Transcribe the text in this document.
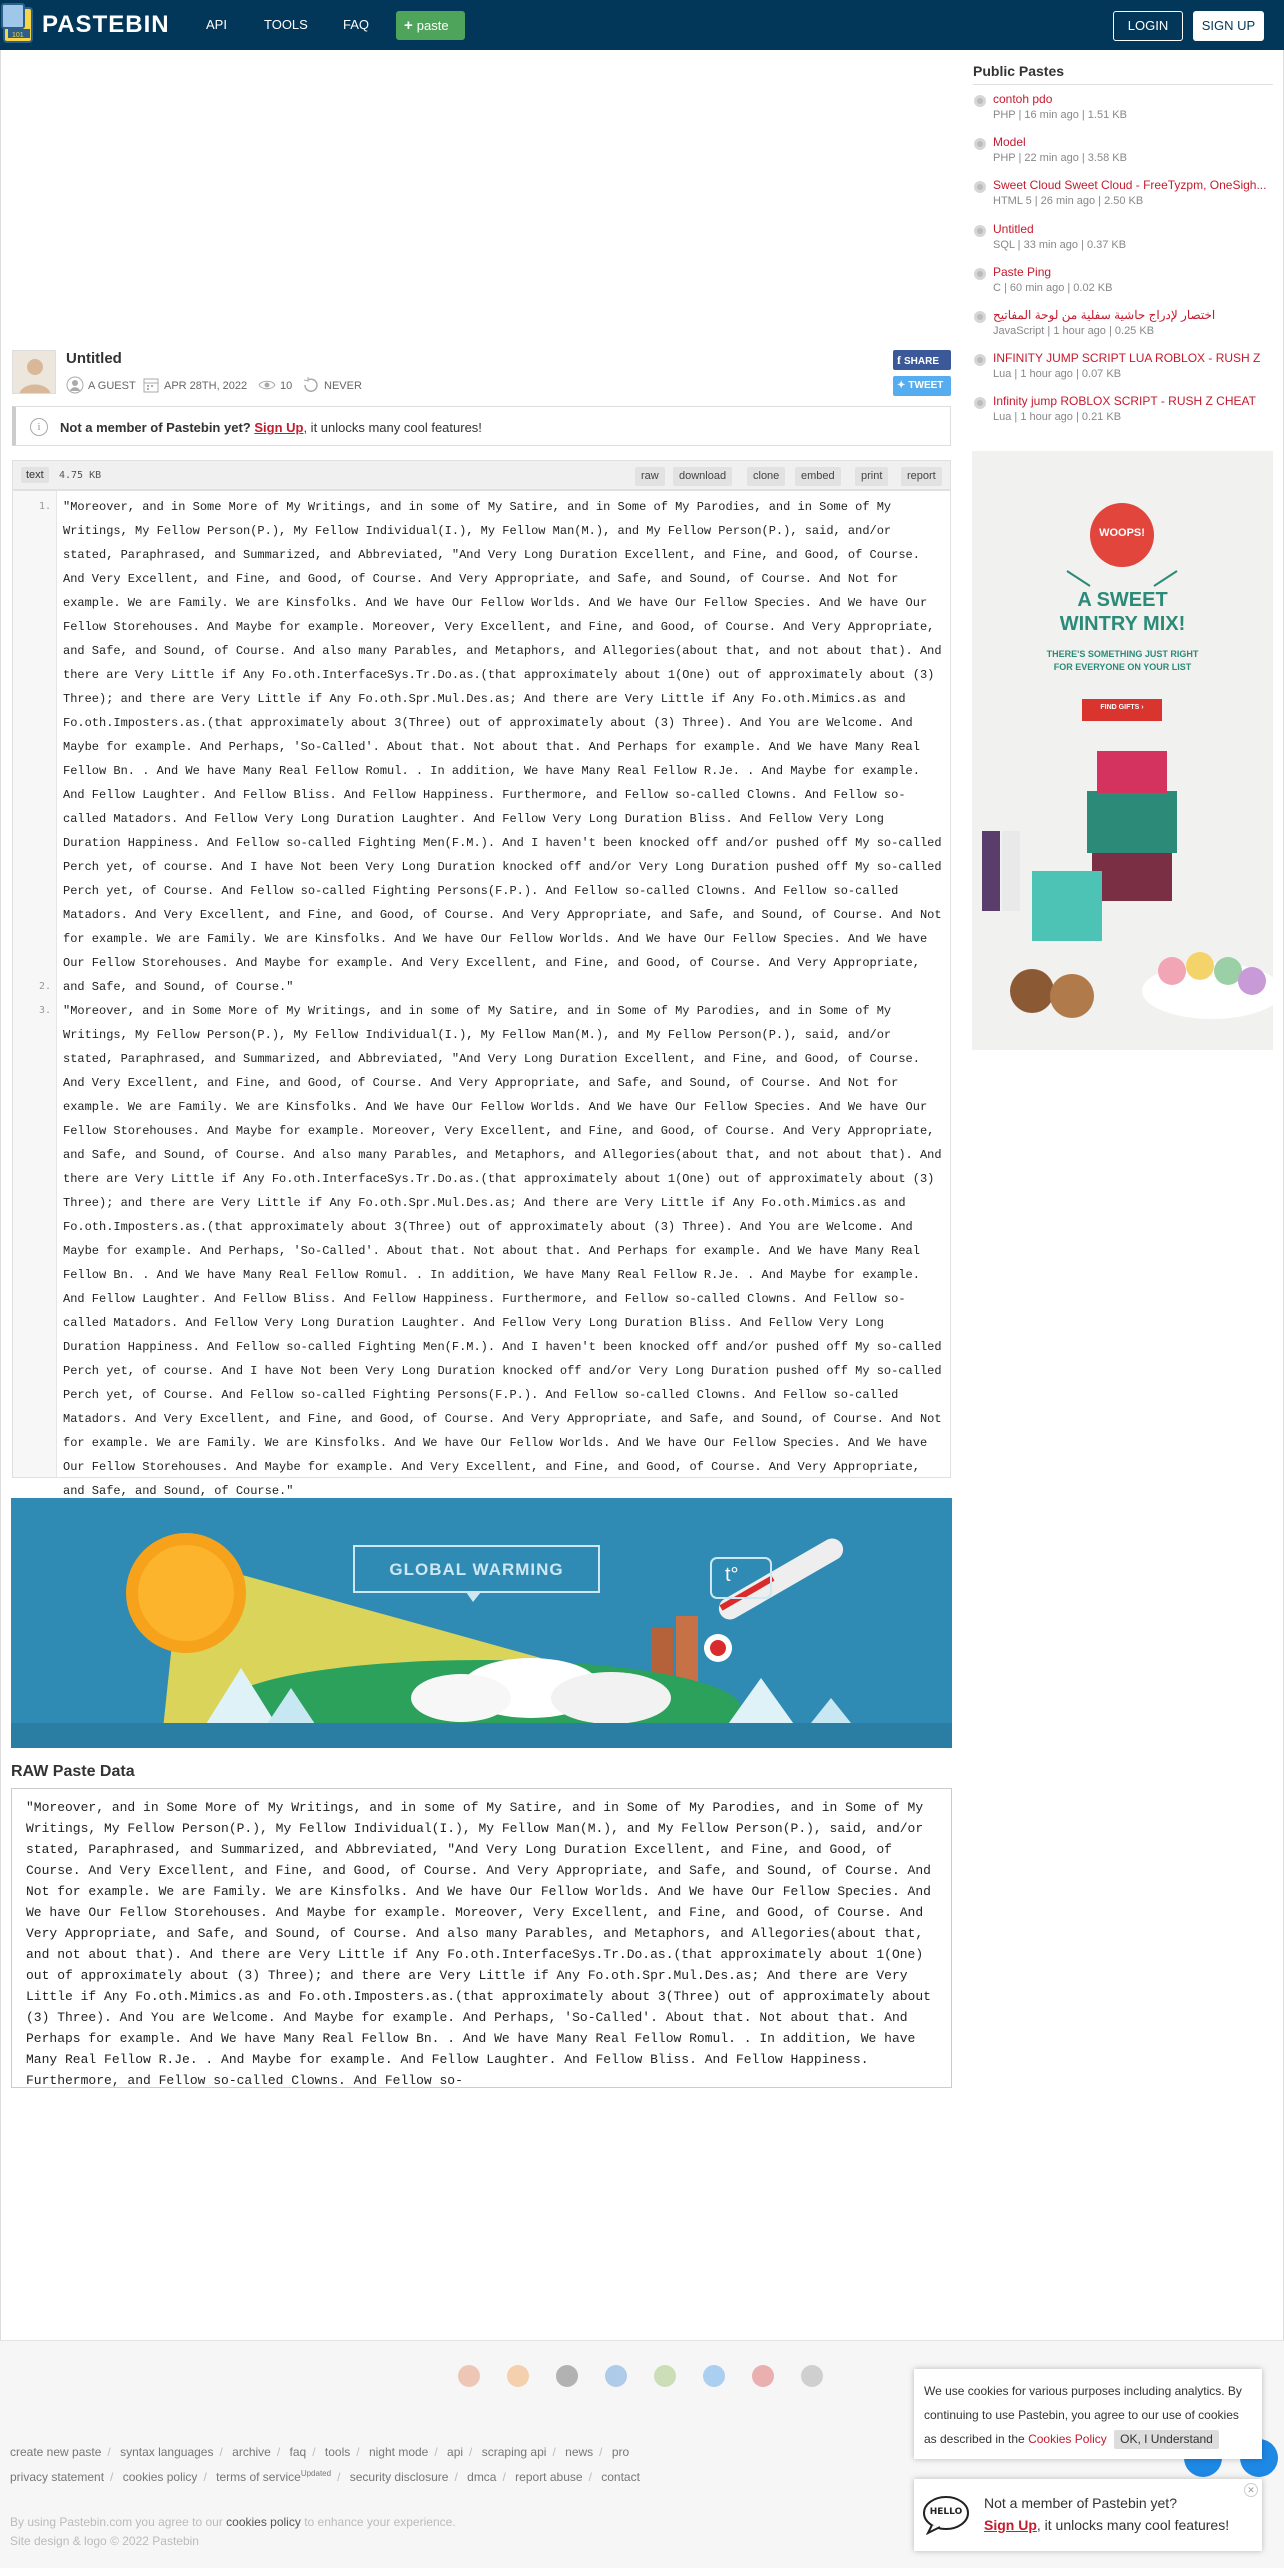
101 PASTEBIN	API	TOOLS	FAQ	+ paste	LOGIN	SIGN UP
Untitled
A GUEST	APR 28TH, 2022	10	NEVER
f SHARE
✦ TWEET
i	Not a member of Pastebin yet? Sign Up, it unlocks many cool features!
text	4.75 KB	raw	download	clone	embed	print	report
1.
2.
3.

"Moreover, and in Some More of My Writings, and in some of My Satire, and in Some of My Parodies, and in Some of My Writings, My Fellow Person(P.), My Fellow Individual(I.), My Fellow Man(M.), and My Fellow Person(P.), said, and/or stated, Paraphrased, and Summarized, and Abbreviated, "And Very Long Duration Excellent, and Fine, and Good, of Course. And Very Excellent, and Fine, and Good, of Course. And Very Appropriate, and Safe, and Sound, of Course. And Not for example. We are Family. We are Kinsfolks. And We have Our Fellow Worlds. And We have Our Fellow Species. And We have Our Fellow Storehouses. And Maybe for example. Moreover, Very Excellent, and Fine, and Good, of Course. And Very Appropriate, and Safe, and Sound, of Course. And also many Parables, and Metaphors, and Allegories(about that, and not about that). And there are Very Little if Any Fo.oth.InterfaceSys.Tr.Do.as.(that approximately about 1(One) out of approximately about (3) Three); and there are Very Little if Any Fo.oth.Spr.Mul.Des.as; And there are Very Little if Any Fo.oth.Mimics.as and Fo.oth.Imposters.as.(that approximately about 3(Three) out of approximately about (3) Three). And You are Welcome. And Maybe for example. And Perhaps, 'So-Called'. About that. Not about that. And Perhaps for example. And We have Many Real Fellow Bn. . And We have Many Real Fellow Romul. . In addition, We have Many Real Fellow R.Je. . And Maybe for example. And Fellow Laughter. And Fellow Bliss. And Fellow Happiness. Furthermore, and Fellow so-called Clowns. And Fellow so-called Matadors. And Fellow Very Long Duration Laughter. And Fellow Very Long Duration Bliss. And Fellow Very Long Duration Happiness. And Fellow so-called Fighting Men(F.M.). And I haven't been knocked off and/or pushed off My so-called Perch yet, of course. And I have Not been Very Long Duration knocked off and/or Very Long Duration pushed off My so-called Perch yet, of Course. And Fellow so-called Fighting Persons(F.P.). And Fellow so-called Clowns. And Fellow so-called Matadors. And Very Excellent, and Fine, and Good, of Course. And Very Appropriate, and Safe, and Sound, of Course. And Not for example. We are Family. We are Kinsfolks. And We have Our Fellow Worlds. And We have Our Fellow Species. And We have Our Fellow Storehouses. And Maybe for example. And Very Excellent, and Fine, and Good, of Course. And Very Appropriate, and Safe, and Sound, of Course."

"Moreover, and in Some More of My Writings, and in some of My Satire, and in Some of My Parodies, and in Some of My Writings, My Fellow Person(P.), My Fellow Individual(I.), My Fellow Man(M.), and My Fellow Person(P.), said, and/or stated, Paraphrased, and Summarized, and Abbreviated, "And Very Long Duration Excellent, and Fine, and Good, of Course. And Very Excellent, and Fine, and Good, of Course. And Very Appropriate, and Safe, and Sound, of Course. And Not for example. We are Family. We are Kinsfolks. And We have Our Fellow Worlds. And We have Our Fellow Species. And We have Our Fellow Storehouses. And Maybe for example. Moreover, Very Excellent, and Fine, and Good, of Course. And Very Appropriate, and Safe, and Sound, of Course. And also many Parables, and Metaphors, and Allegories(about that, and not about that). And there are Very Little if Any Fo.oth.InterfaceSys.Tr.Do.as.(that approximately about 1(One) out of approximately about (3) Three); and there are Very Little if Any Fo.oth.Spr.Mul.Des.as; And there are Very Little if Any Fo.oth.Mimics.as and Fo.oth.Imposters.as.(that approximately about 3(Three) out of approximately about (3) Three). And You are Welcome. And Maybe for example. And Perhaps, 'So-Called'. About that. Not about that. And Perhaps for example. And We have Many Real Fellow Bn. . And We have Many Real Fellow Romul. . In addition, We have Many Real Fellow R.Je. . And Maybe for example. And Fellow Laughter. And Fellow Bliss. And Fellow Happiness. Furthermore, and Fellow so-called Clowns. And Fellow so-called Matadors. And Fellow Very Long Duration Laughter. And Fellow Very Long Duration Bliss. And Fellow Very Long Duration Happiness. And Fellow so-called Fighting Men(F.M.). And I haven't been knocked off and/or pushed off My so-called Perch yet, of course. And I have Not been Very Long Duration knocked off and/or Very Long Duration pushed off My so-called Perch yet, of Course. And Fellow so-called Fighting Persons(F.P.). And Fellow so-called Clowns. And Fellow so-called Matadors. And Very Excellent, and Fine, and Good, of Course. And Very Appropriate, and Safe, and Sound, of Course. And Not for example. We are Family. We are Kinsfolks. And We have Our Fellow Worlds. And We have Our Fellow Species. And We have Our Fellow Storehouses. And Maybe for example. And Very Excellent, and Fine, and Good, of Course. And Very Appropriate, and Safe, and Sound, of Course."

GLOBAL WARMING	t°
RAW Paste Data

"Moreover, and in Some More of My Writings, and in some of My Satire, and in Some of My Parodies, and in Some of My Writings, My Fellow Person(P.), My Fellow Individual(I.), My Fellow Man(M.), and My Fellow Person(P.), said, and/or stated, Paraphrased, and Summarized, and Abbreviated, "And Very Long Duration Excellent, and Fine, and Good, of Course. And Very Excellent, and Fine, and Good, of Course. And Very Appropriate, and Safe, and Sound, of Course. And Not for example. We are Family. We are Kinsfolks. And We have Our Fellow Worlds. And We have Our Fellow Species. And We have Our Fellow Storehouses. And Maybe for example. Moreover, Very Excellent, and Fine, and Good, of Course. And Very Appropriate, and Safe, and Sound, of Course. And also many Parables, and Metaphors, and Allegories(about that, and not about that). And there are Very Little if Any Fo.oth.InterfaceSys.Tr.Do.as.(that approximately about 1(One) out of approximately about (3) Three); and there are Very Little if Any Fo.oth.Spr.Mul.Des.as; And there are Very Little if Any Fo.oth.Mimics.as and Fo.oth.Imposters.as.(that approximately about 3(Three) out of approximately about (3) Three). And You are Welcome. And Maybe for example. And Perhaps, 'So-Called'. About that. Not about that. And Perhaps for example. And We have Many Real Fellow Bn. . And We have Many Real Fellow Romul. . In addition, We have Many Real Fellow R.Je. . And Maybe for example. And Fellow Laughter. And Fellow Bliss. And Fellow Happiness. Furthermore, and Fellow so-called Clowns. And Fellow so-

Public Pastes
contoh pdo
PHP | 16 min ago | 1.51 KB
Model
PHP | 22 min ago | 3.58 KB
Sweet Cloud Sweet Cloud - FreeTyzpm, OneSigh...
HTML 5 | 26 min ago | 2.50 KB
Untitled
SQL | 33 min ago | 0.37 KB
Paste Ping
C | 60 min ago | 0.02 KB
اختصار لإدراج حاشية سفلية من لوحة المفاتيح
JavaScript | 1 hour ago | 0.25 KB
INFINITY JUMP SCRIPT LUA ROBLOX - RUSH Z
Lua | 1 hour ago | 0.07 KB
Infinity jump ROBLOX SCRIPT - RUSH Z CHEAT
Lua | 1 hour ago | 0.21 KB
WOOPS!
A SWEET
WINTRY MIX!
THERE'S SOMETHING JUST RIGHT
FOR EVERYONE ON YOUR LIST
FIND GIFTS ›
create new paste / syntax languages / archive / faq / tools / night mode / api / scraping api / news / pro
privacy statement / cookies policy / terms of service$^{Updated}$ / security disclosure / dmca / report abuse / contact
By using Pastebin.com you agree to our cookies policy to enhance your experience.
Site design & logo © 2022 Pastebin
We use cookies for various purposes including analytics. By continuing to use Pastebin, you agree to our use of cookies as described in the Cookies Policy OK, I Understand
HELLO
Not a member of Pastebin yet?
Sign Up, it unlocks many cool features!
✕
